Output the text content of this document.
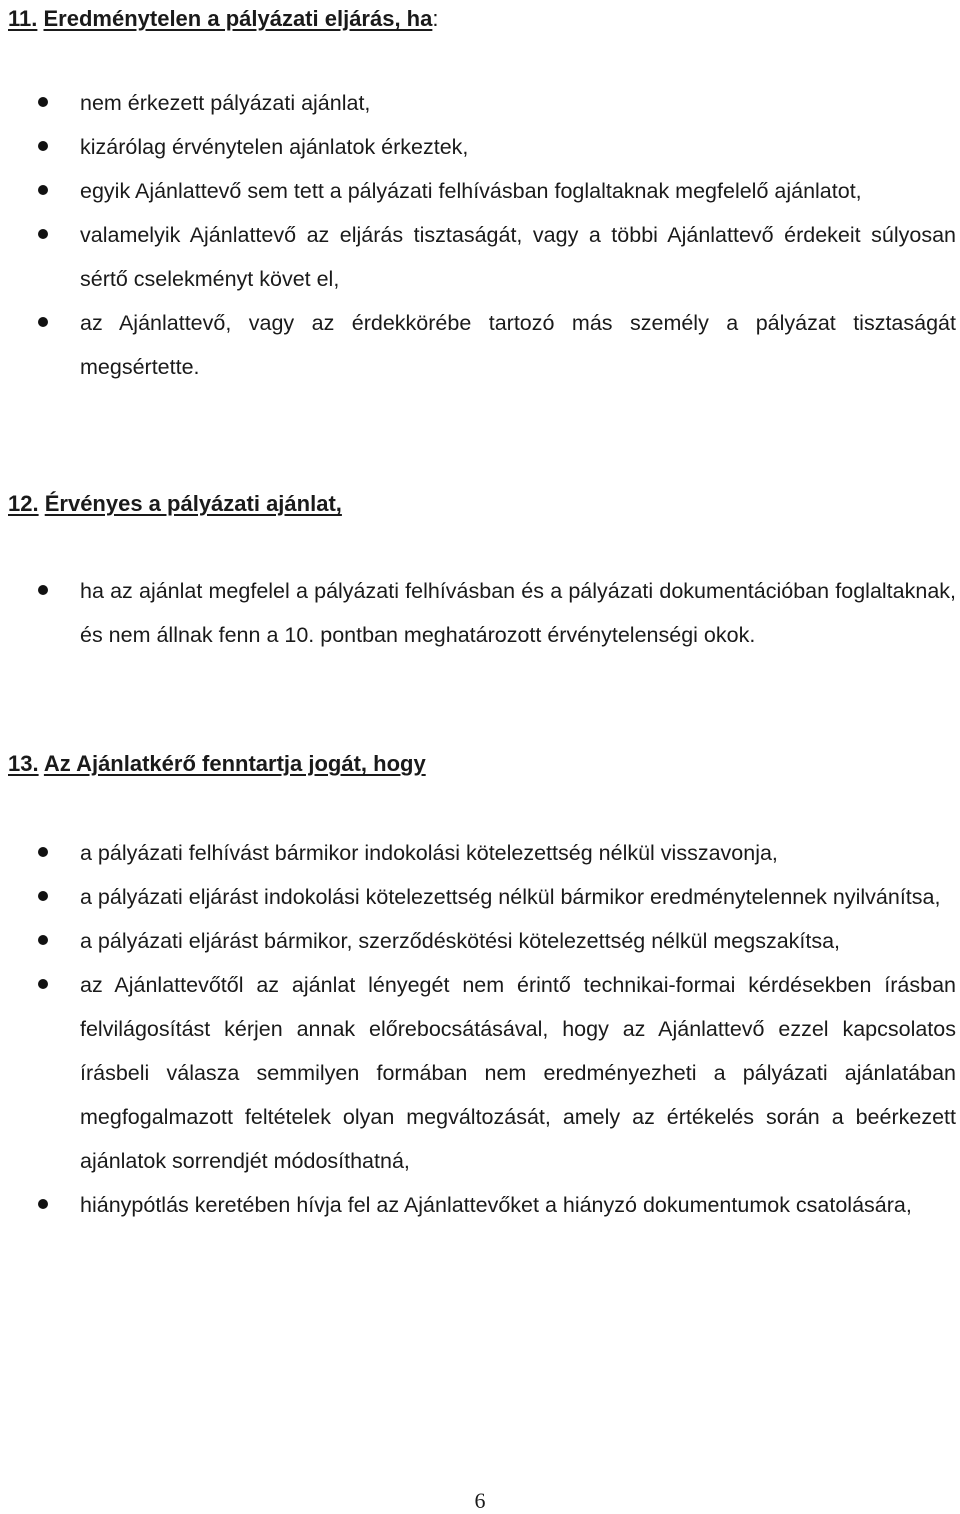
11. Eredménytelen a pályázati eljárás, ha:
nem érkezett pályázati ajánlat,
kizárólag érvénytelen ajánlatok érkeztek,
egyik Ajánlattevő sem tett a pályázati felhívásban foglaltaknak megfelelő ajánlatot,
valamelyik Ajánlattevő az eljárás tisztaságát, vagy a többi Ajánlattevő érdekeit súlyosan sértő cselekményt követ el,
az Ajánlattevő, vagy az érdekkörébe tartozó más személy a pályázat tisztaságát megsértette.
12. Érvényes a pályázati ajánlat,
ha az ajánlat megfelel a pályázati felhívásban és a pályázati dokumentációban foglaltaknak, és nem állnak fenn a 10. pontban meghatározott érvénytelenségi okok.
13. Az Ajánlatkérő fenntartja jogát, hogy
a pályázati felhívást bármikor indokolási kötelezettség nélkül visszavonja,
a pályázati eljárást indokolási kötelezettség nélkül bármikor eredménytelennek nyilvánítsa,
a pályázati eljárást bármikor, szerződéskötési kötelezettség nélkül megszakítsa,
az Ajánlattevőtől az ajánlat lényegét nem érintő technikai-formai kérdésekben írásban felvilágosítást kérjen annak előrebocsátásával, hogy az Ajánlattevő ezzel kapcsolatos írásbeli válasza semmilyen formában nem eredményezheti a pályázati ajánlatában megfogalmazott feltételek olyan megváltozását, amely az értékelés során a beérkezett ajánlatok sorrendjét módosíthatná,
hiánypótlás keretében hívja fel az Ajánlattevőket a hiányzó dokumentumok csatolására,
6
